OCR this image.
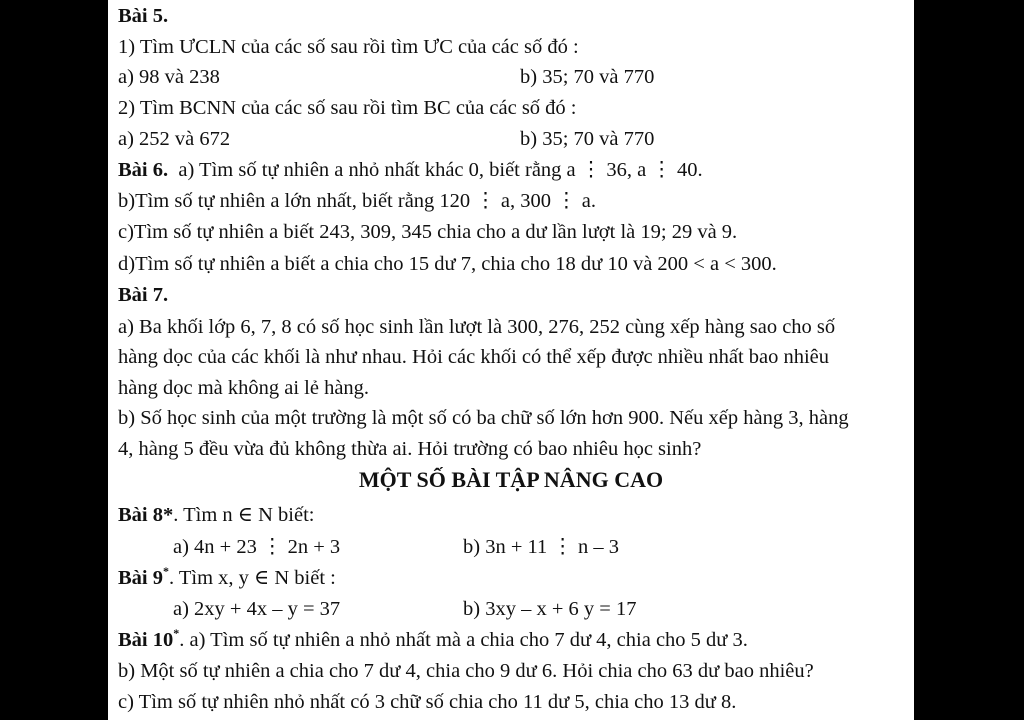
Bài 5.
1) Tìm ƯCLN của các số sau rồi tìm ƯC của các số đó :
a) 98 và 238	b) 35; 70 và 770
2) Tìm BCNN của các số sau rồi tìm BC của các số đó :
a) 252 và 672	b) 35; 70 và 770
Bài 6. a) Tìm số tự nhiên a nhỏ nhất khác 0, biết rằng a ⋮ 36, a ⋮ 40.
b)Tìm số tự nhiên a lớn nhất, biết rằng 120 ⋮ a, 300 ⋮ a.
c)Tìm số tự nhiên a biết 243, 309, 345 chia cho a dư lần lượt là 19; 29 và 9.
d)Tìm số tự nhiên a biết a chia cho 15 dư 7, chia cho 18 dư 10 và 200 < a < 300.
Bài 7.
a) Ba khối lớp 6, 7, 8 có số học sinh lần lượt là 300, 276, 252 cùng xếp hàng sao cho số
hàng dọc của các khối là như nhau. Hỏi các khối có thể xếp được nhiều nhất bao nhiêu
hàng dọc mà không ai lẻ hàng.
b) Số học sinh của một trường là một số có ba chữ số lớn hơn 900. Nếu xếp hàng 3, hàng
4, hàng 5 đều vừa đủ không thừa ai. Hỏi trường có bao nhiêu học sinh?
MỘT SỐ BÀI TẬP NÂNG CAO
Bài 8*. Tìm n ∈ N biết:
a) 4n + 23 ⋮ 2n + 3	b) 3n + 11 ⋮ n – 3
Bài 9*. Tìm x, y ∈ N biết :
a) 2xy + 4x – y = 37	b) 3xy – x + 6 y = 17
Bài 10*. a) Tìm số tự nhiên a nhỏ nhất mà a chia cho 7 dư 4, chia cho 5 dư 3.
b) Một số tự nhiên a chia cho 7 dư 4, chia cho 9 dư 6. Hỏi chia cho 63 dư bao nhiêu?
c) Tìm số tự nhiên nhỏ nhất có 3 chữ số chia cho 11 dư 5, chia cho 13 dư 8.
